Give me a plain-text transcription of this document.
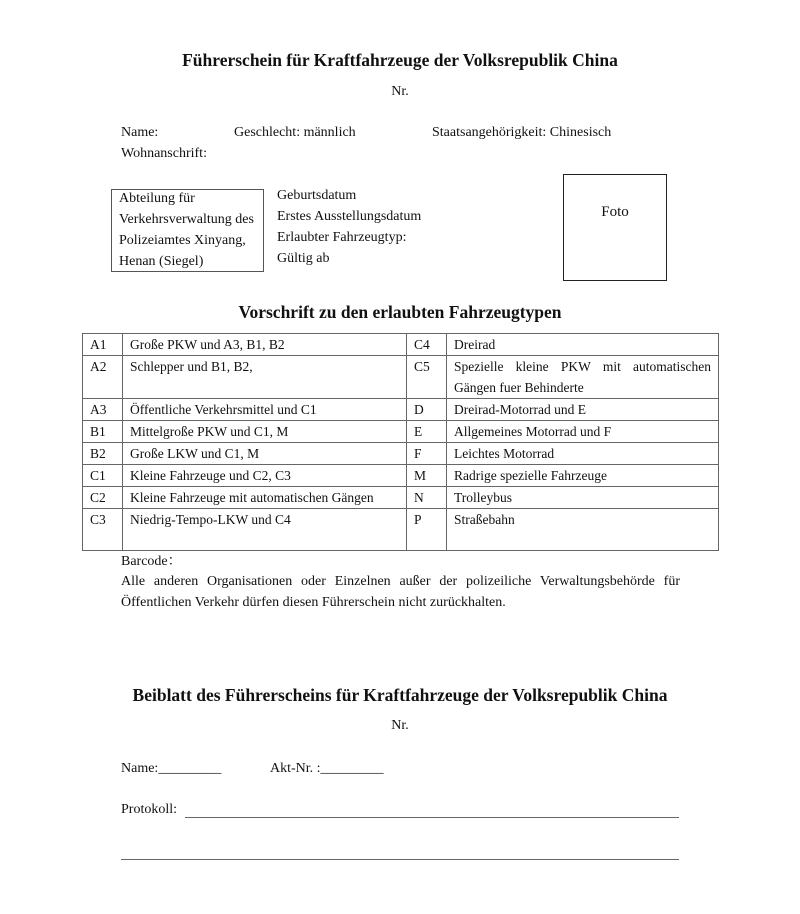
Führerschein für Kraftfahrzeuge der Volksrepublik China
Nr.
Name:	Geschlecht: männlich	Staatsangehörigkeit: Chinesisch
Wohnanschrift:
Abteilung für
Verkehrsverwaltung des
Polizeiamtes Xinyang,
Henan (Siegel)
Geburtsdatum
Erstes Ausstellungsdatum
Erlaubter Fahrzeugtyp:
Gültig ab
Foto
Vorschrift zu den erlaubten Fahrzeugtypen
A1	Große PKW und A3, B1, B2	C4	Dreirad
A2	Schlepper und B1, B2,	C5	Spezielle kleine PKW mit automatischen
Gängen fuer Behinderte

A3	Öffentliche Verkehrsmittel und C1	D	Dreirad-Motorrad und E
B1	Mittelgroße PKW und C1, M	E	Allgemeines Motorrad und F
B2	Große LKW und C1, M	F	Leichtes Motorrad
C1	Kleine Fahrzeuge und C2, C3	M	Radrige spezielle Fahrzeuge
C2	Kleine Fahrzeuge mit automatischen Gängen	N	Trolleybus
C3	Niedrig-Tempo-LKW und C4	P	Straßebahn
Barcode：
Alle anderen Organisationen oder Einzelnen außer der polizeiliche Verwaltungsbehörde für Öffentlichen Verkehr dürfen diesen Führerschein nicht zurückhalten.
Beiblatt des Führerscheins für Kraftfahrzeuge der Volksrepublik China
Nr.
Name:_________	Akt-Nr. :_________
Protokoll:
